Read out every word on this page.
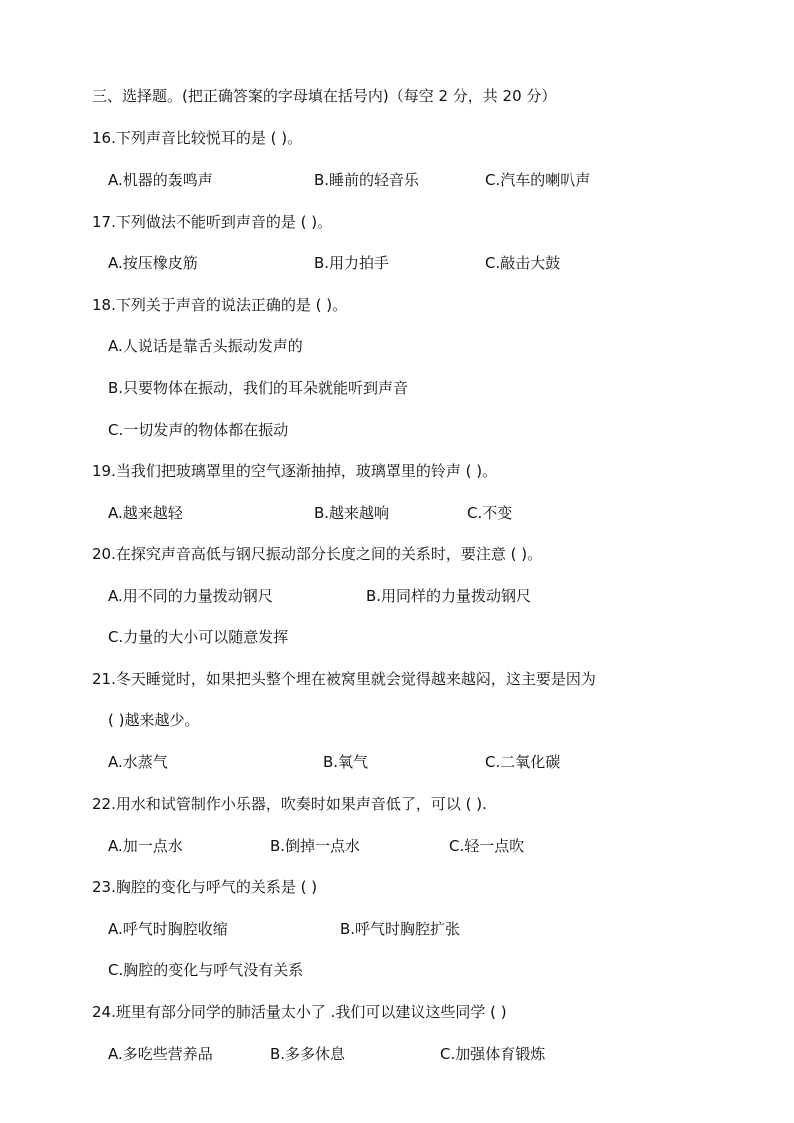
三、选择题。(把正确答案的字母填在括号内)（每空 2 分，共 20 分）
16.下列声音比较悦耳的是 ( )。
A.机器的轰鸣声	B.睡前的轻音乐	C.汽车的喇叭声
17.下列做法不能听到声音的是 ( )。
A.按压橡皮筋	B.用力拍手	C.敲击大鼓
18.下列关于声音的说法正确的是 ( )。
A.人说话是靠舌头振动发声的
B.只要物体在振动，我们的耳朵就能听到声音
C.一切发声的物体都在振动
19.当我们把玻璃罩里的空气逐渐抽掉，玻璃罩里的铃声 ( )。
A.越来越轻	B.越来越响	C.不变
20.在探究声音高低与钢尺振动部分长度之间的关系时，要注意 ( )。
A.用不同的力量拨动钢尺	B.用同样的力量拨动钢尺
C.力量的大小可以随意发挥
21.冬天睡觉时，如果把头整个埋在被窝里就会觉得越来越闷，这主要是因为
( )越来越少。
A.水蒸气	B.氧气	C.二氧化碳
22.用水和试管制作小乐器，吹奏时如果声音低了，可以 ( ).
A.加一点水	B.倒掉一点水	C.轻一点吹
23.胸腔的变化与呼气的关系是 ( )
A.呼气时胸腔收缩	B.呼气时胸腔扩张
C.胸腔的变化与呼气没有关系
24.班里有部分同学的肺活量太小了 .我们可以建议这些同学 ( )
A.多吃些营养品	B.多多休息	C.加强体育锻炼
